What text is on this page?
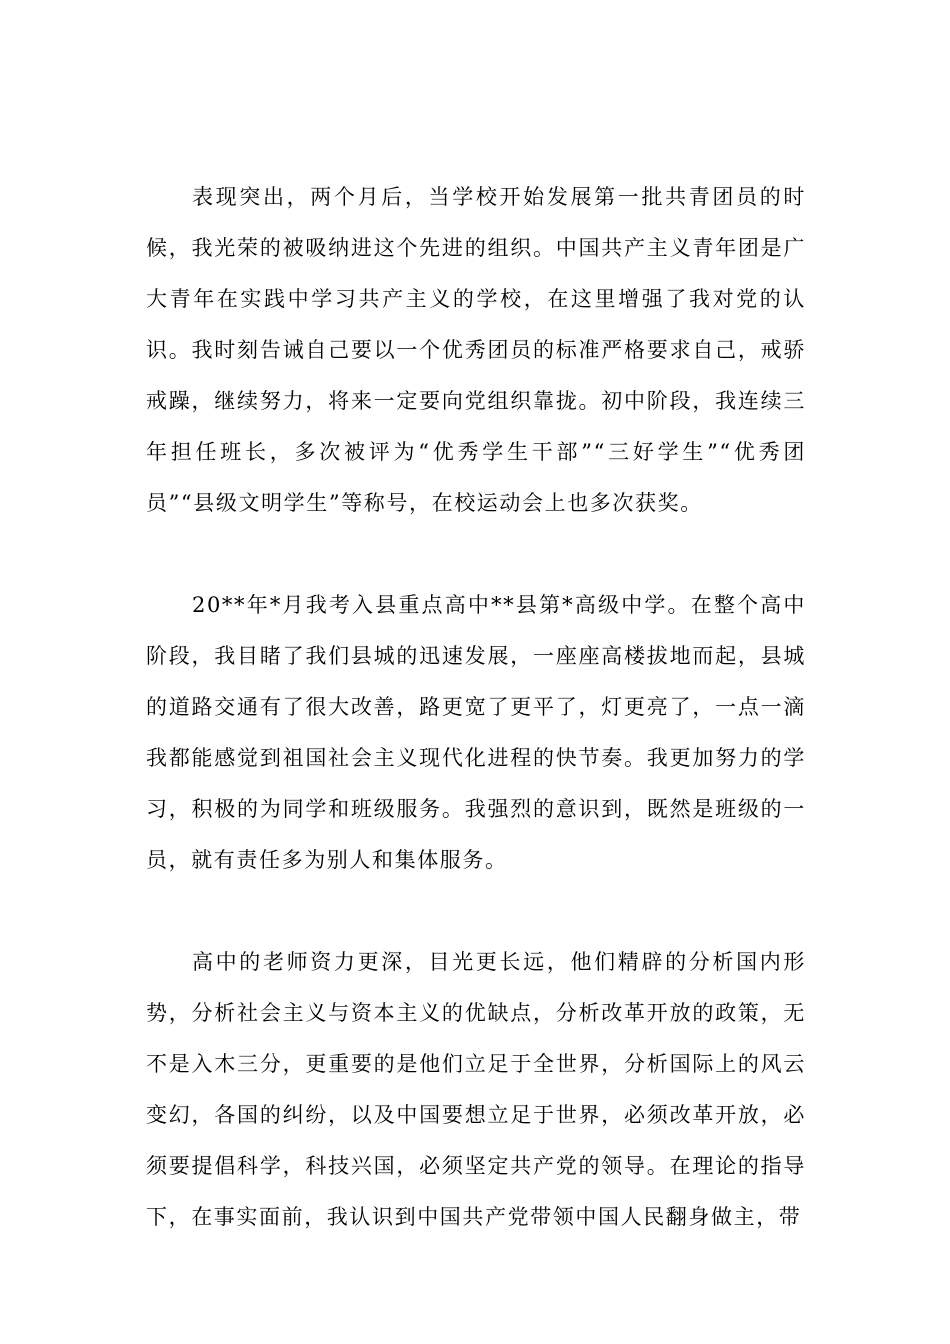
表现突出，两个月后，当学校开始发展第一批共青团员的时候，我光荣的被吸纳进这个先进的组织。中国共产主义青年团是广大青年在实践中学习共产主义的学校，在这里增强了我对党的认识。我时刻告诫自己要以一个优秀团员的标准严格要求自己，戒骄戒躁，继续努力，将来一定要向党组织靠拢。初中阶段，我连续三年担任班长，多次被评为“优秀学生干部”“三好学生”“优秀团员”“县级文明学生”等称号，在校运动会上也多次获奖。

20**年*月我考入县重点高中**县第*高级中学。在整个高中阶段，我目睹了我们县城的迅速发展，一座座高楼拔地而起，县城的道路交通有了很大改善，路更宽了更平了，灯更亮了，一点一滴我都能感觉到祖国社会主义现代化进程的快节奏。我更加努力的学习，积极的为同学和班级服务。我强烈的意识到，既然是班级的一员，就有责任多为别人和集体服务。

高中的老师资力更深，目光更长远，他们精辟的分析国内形势，分析社会主义与资本主义的优缺点，分析改革开放的政策，无不是入木三分，更重要的是他们立足于全世界，分析国际上的风云变幻，各国的纠纷，以及中国要想立足于世界，必须改革开放，必须要提倡科学，科技兴国，必须坚定共产党的领导。在理论的指导下，在事实面前，我认识到中国共产党带领中国人民翻身做主，带
